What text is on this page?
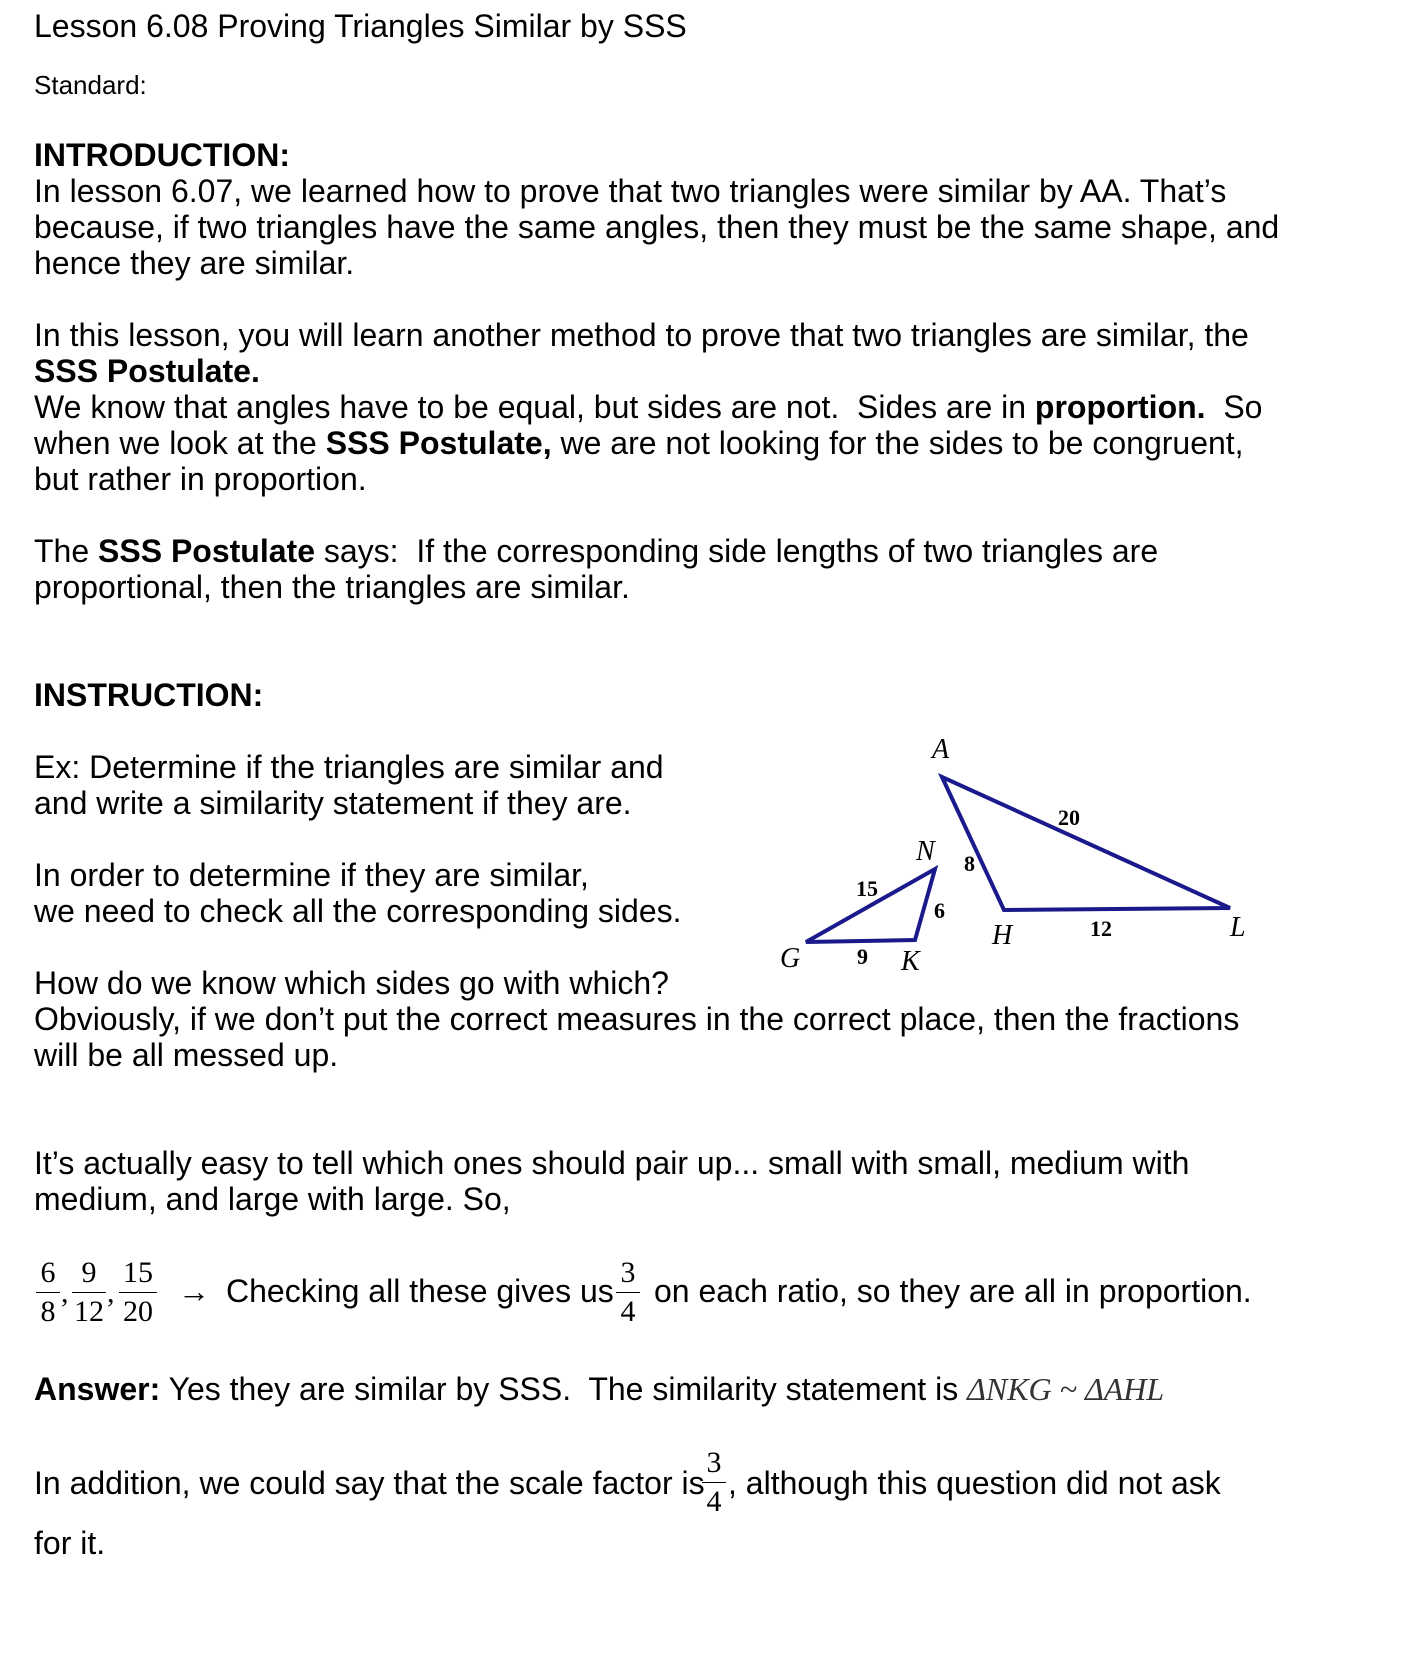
Lesson 6.08 Proving Triangles Similar by SSS
Standard:
INTRODUCTION:
In lesson 6.07, we learned how to prove that two triangles were similar by AA. That’s
because, if two triangles have the same angles, then they must be the same shape, and
hence they are similar.
In this lesson, you will learn another method to prove that two triangles are similar, the
SSS Postulate.
We know that angles have to be equal, but sides are not.  Sides are in proportion.  So
when we look at the SSS Postulate, we are not looking for the sides to be congruent,
but rather in proportion.
The SSS Postulate says:  If the corresponding side lengths of two triangles are
proportional, then the triangles are similar.
INSTRUCTION:
Ex: Determine if the triangles are similar and
and write a similarity statement if they are.
In order to determine if they are similar,
we need to check all the corresponding sides.
How do we know which sides go with which?
Obviously, if we don’t put the correct measures in the correct place, then the fractions
will be all messed up.
It’s actually easy to tell which ones should pair up... small with small, medium with
medium, and large with large. So,
G
N
K
A
H	L
15
6
9
20
8
12
6
8
,
9
12
,
15
20
→ Checking all these gives us
3
4
on each ratio, so they are all in proportion.
Answer: Yes they are similar by SSS.  The similarity statement is ΔNKG ~ ΔAHL
In addition, we could say that the scale factor is
3
4
, although this question did not ask
for it.
